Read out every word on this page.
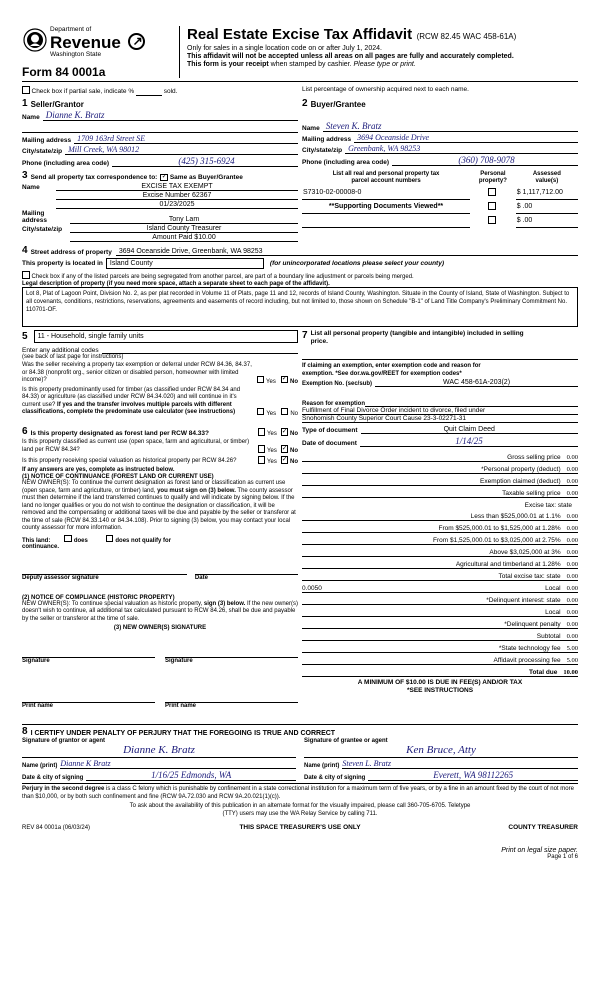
Department of
Revenue ↗
Washington State
Form 84 0001a
Real Estate Excise Tax Affidavit (RCW 82.45 WAC 458-61A)
Only for sales in a single location code on or after July 1, 2024.
This affidavit will not be accepted unless all areas on all pages are fully and accurately completed.
This form is your receipt when stamped by cashier. Please type or print.
Check box if partial sale, indicate %	sold.	List percentage of ownership acquired next to each name.
1 Seller/Grantor
Name Dianne K. Bratz
Mailing address 1709 163rd Street SE
City/state/zip Mill Creek, WA 98012
Phone (including area code)	(425) 315-6924
2 Buyer/Grantee
Name Steven K. Bratz
Mailing address 3694 Oceanside Drive
City/state/zip Greenbank, WA 98253
Phone (including area code)	(360) 708-9078
3 Send all property tax correspondence to: ✓ Same as Buyer/Grantee
Name	EXCISE TAX EXEMPT

Excise Number 62367

01/23/2025
Mailing address	Tony Lam
City/state/zip	Island County Treasurer

Amount Paid $10.00
List all real and personal property tax
parcel account numbers	Personal
property?	Assessed
value(s)
S7310-02-00008-0		$ 1,117,712.00
**Supporting Documents Viewed**		$ .00
		$ .00
4 Street address of property	3694 Oceanside Drive, Greenbank, WA 98253
This property is located in	Island County	(for unincorporated locations please select your county)
Check box if any of the listed parcels are being segregated from another parcel, are part of a boundary line adjustment or parcels being merged.
Legal description of property (if you need more space, attach a separate sheet to each page of the affidavit).
Lot 8, Plat of Lagoon Point, Division No. 2, as per plat recorded in Volume 11 of Plats, page 11 and 12, records of Island County, Washington. Situate in the County of Island, State of Washington. Subject to all covenants, conditions, restrictions, reservations, agreements and easements of record including, but not limited to, those shown on Schedule "B-1" of Land Title Company's Preliminary Commitment No. 110701-OF.
5	11 - Household, single family units
Enter any additional codes

(see back of last page for instructions)
Was the seller receiving a property tax exemption or deferral under RCW 84.36, 84.37, or 84.38 (nonprofit org., senior citizen or disabled person, homeowner with limited income)?	Yes ✓ No
Is this property predominantly used for timber (as classified under RCW 84.34 and 84.33) or agriculture (as classified under RCW 84.34.020) and will continue in it's current use? If yes and the transfer involves multiple parcels with different classifications, complete the predominate use calculator (see instructions)	Yes No
7 List all personal property (tangible and intangible) included in selling
price.
If claiming an exemption, enter exemption code and reason for
exemption. *See dor.wa.gov/REET for exemption codes*
Exemption No. (sec/sub)	WAC 458-61A-203(2)
Reason for exemption

Fulfillment of Final Divorce Order incident to divorce, filed under
Snohomish County Superior Court Cause 23-3-02271-31
6 Is this property designated as forest land per RCW 84.33?	Yes ✓ No
Is this property classified as current use (open space, farm and agricultural, or timber) land per RCW 84.34?	Yes ✓ No
Is this property receiving special valuation as historical property per RCW 84.26?	Yes ✓ No
If any answers are yes, complete as instructed below.
(1) NOTICE OF CONTINUANCE (FOREST LAND OR CURRENT USE)
NEW OWNER(S): To continue the current designation as forest land or classification as current use (open space, farm and agriculture, or timber) land, you must sign on (3) below. The county assessor must then determine if the land transferred continues to qualify and will indicate by signing below. If the land no longer qualifies or you do not wish to continue the designation or classification, it will be removed and the compensating or additional taxes will be due and payable by the seller or transferor at the time of sale (RCW 84.33.140 or 84.34.108). Prior to signing (3) below, you may contact your local county assessor for more information.
This land:	does	does not qualify for
continuance.

Deputy assessor signature
	Date
(2) NOTICE OF COMPLIANCE (HISTORIC PROPERTY)
NEW OWNER(S): To continue special valuation as historic property, sign (3) below. If the new owner(s) doesn't wish to continue, all additional tax calculated pursuant to RCW 84.26, shall be due and payable by the seller or transferor at the time of sale.
(3) NEW OWNER(S) SIGNATURE

Signature
	Signature

Print name
	Print name
Type of document	Quit Claim Deed
Date of document	1/14/25
Gross selling price 0.00
*Personal property (deduct) 0.00
Exemption claimed (deduct) 0.00
Taxable selling price 0.00
Excise tax: state
Less than $525,000.01 at 1.1% 0.00
From $525,000.01 to $1,525,000 at 1.28% 0.00
From $1,525,000.01 to $3,025,000 at 2.75% 0.00
Above $3,025,000 at 3% 0.00
Agricultural and timberland at 1.28% 0.00
Total excise tax: state 0.00
0.0050	Local 0.00
*Delinquent interest: state 0.00
Local 0.00
*Delinquent penalty 0.00
Subtotal 0.00
*State technology fee 5.00
Affidavit processing fee 5.00
Total due 10.00
A MINIMUM OF $10.00 IS DUE IN FEE(S) AND/OR TAX
*SEE INSTRUCTIONS
8 I CERTIFY UNDER PENALTY OF PERJURY THAT THE FOREGOING IS TRUE AND CORRECT
Signature of grantor or agent
Dianne K. Bratz
Signature of grantee or agent
Ken Bruce, Atty
Name (print) Dianne K Bratz	Name (print) Steven L. Bratz
Date & city of signing	1/16/25 Edmonds, WA	Date & city of signing	Everett, WA 98112265
Perjury in the second degree is a class C felony which is punishable by confinement in a state correctional institution for a maximum term of five years, or by a fine in an amount fixed by the court of not more than $10,000, or by both such confinement and fine (RCW 9A.72.030 and RCW 9A.20.021(1)(c)).
To ask about the availability of this publication in an alternate format for the visually impaired, please call 360-705-6705. Teletype
(TTY) users may use the WA Relay Service by calling 711.
REV 84 0001a (06/03/24)	THIS SPACE TREASURER'S USE ONLY	COUNTY TREASURER
Print on legal size paper.
Page 1 of 6
